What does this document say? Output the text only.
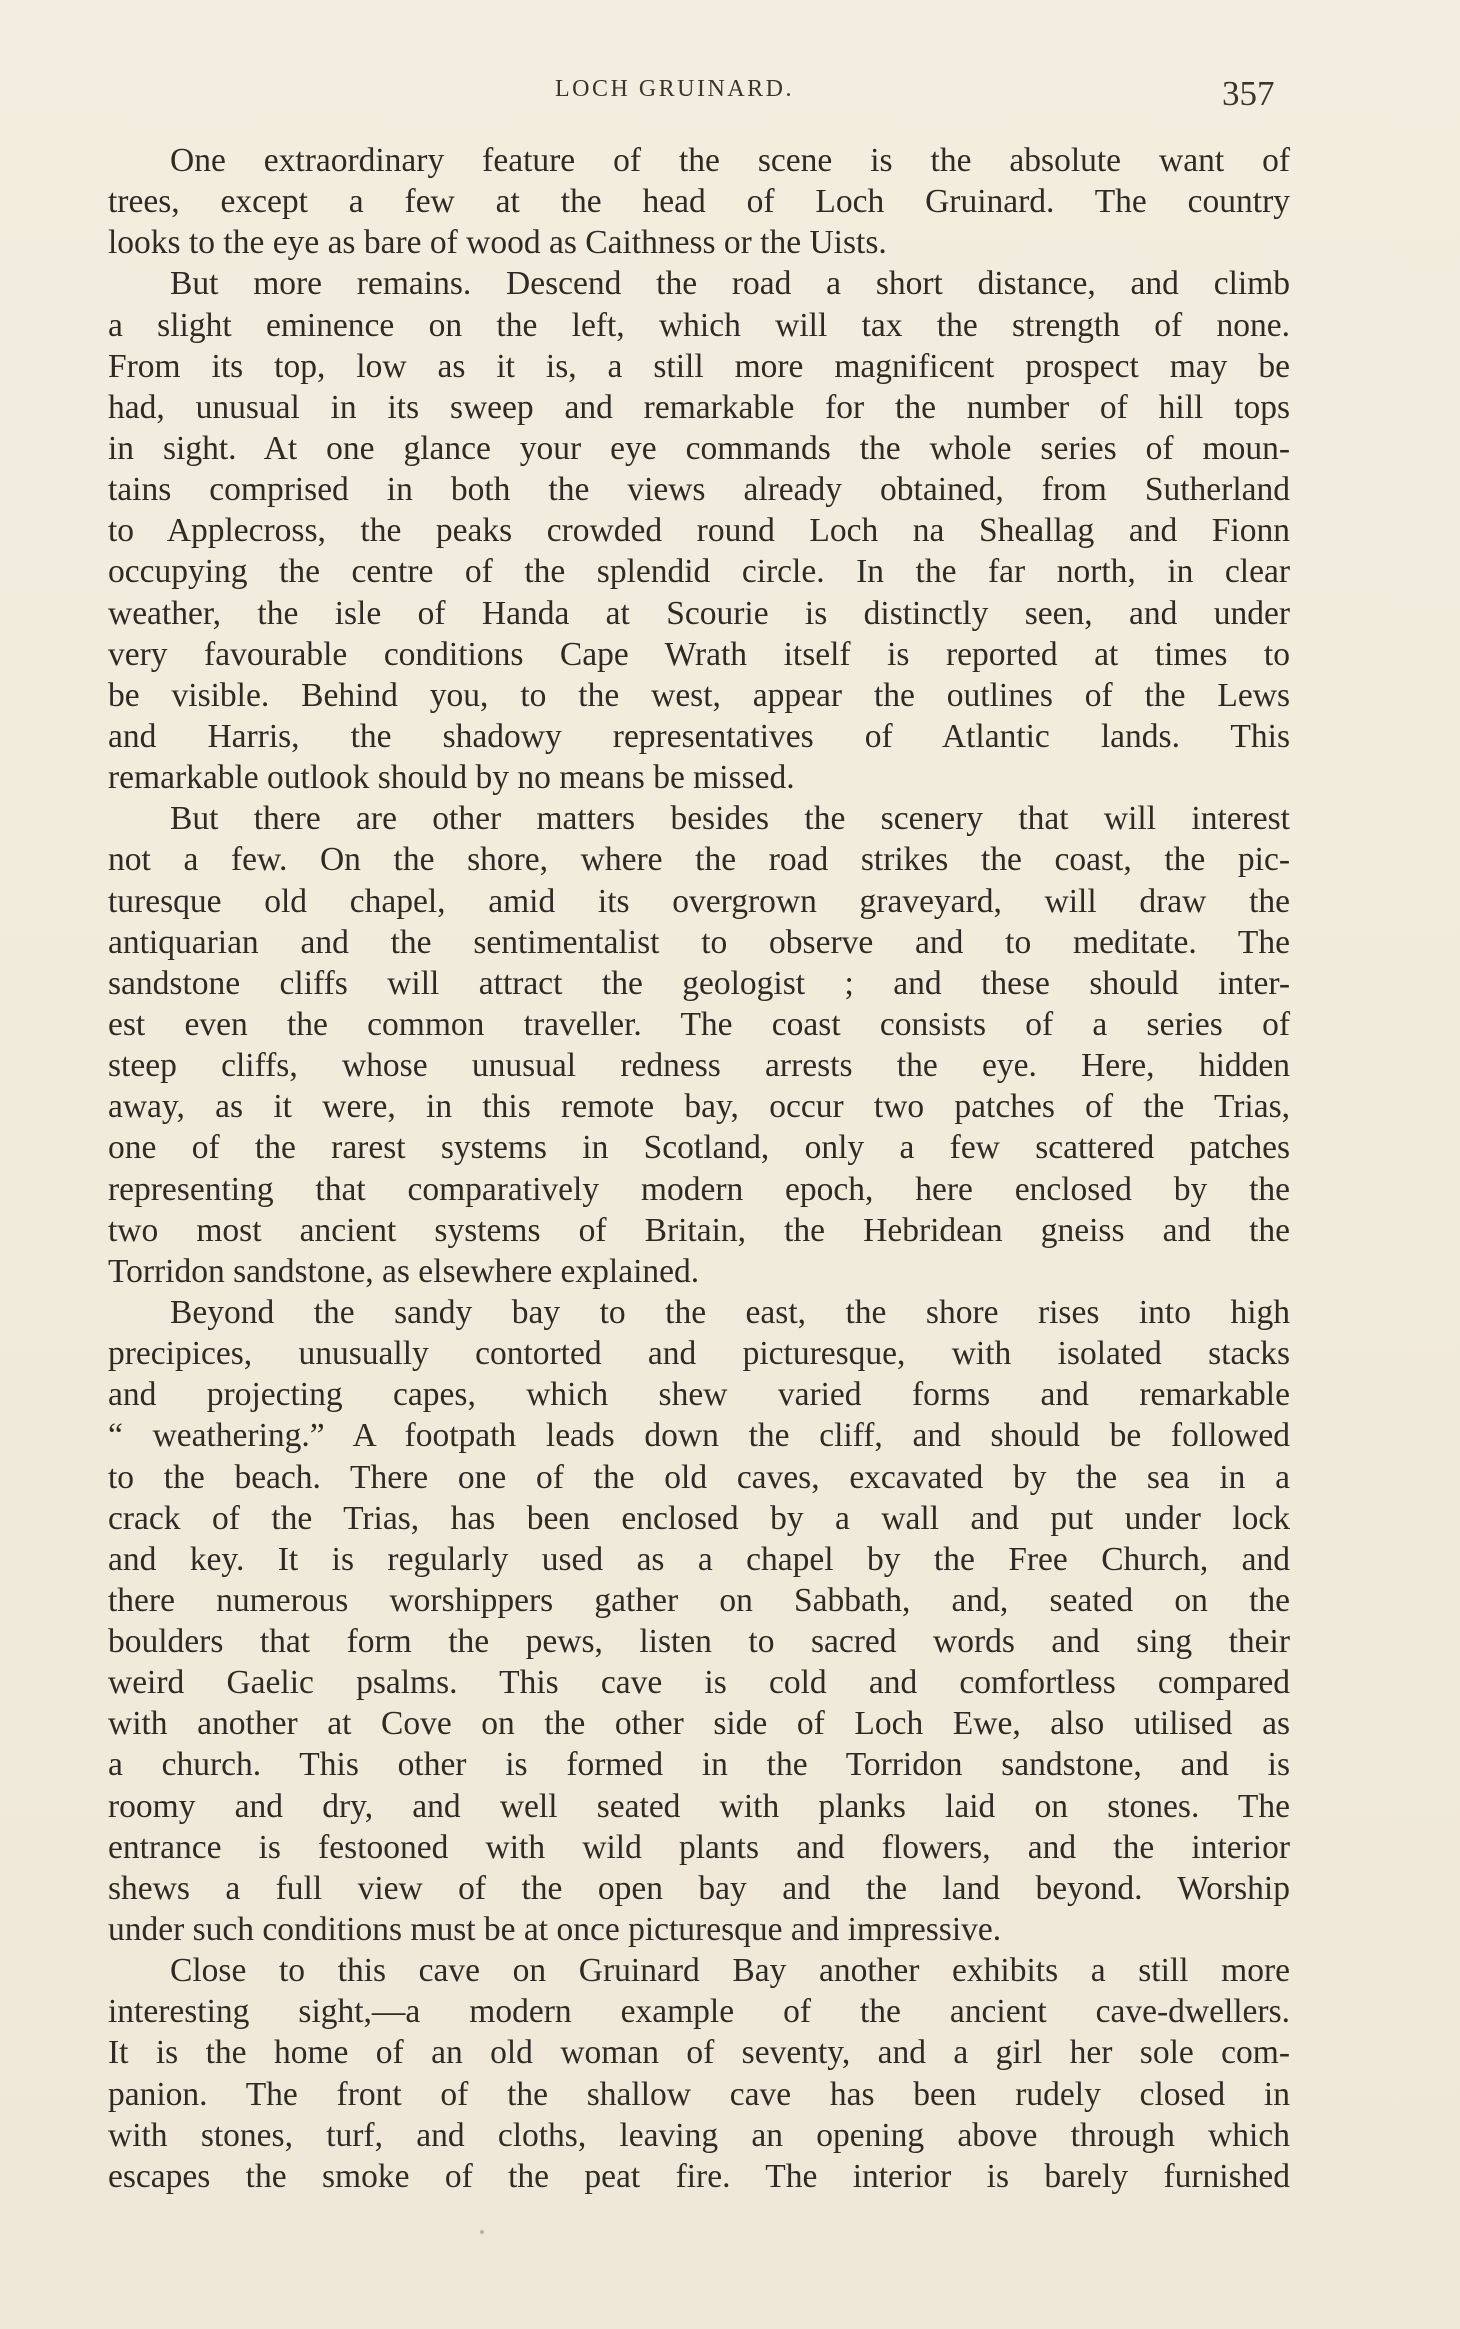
LOCH GRUINARD.	357
One extraordinary feature of the scene is the absolute want of
trees, except a few at the head of Loch Gruinard. The country
looks to the eye as bare of wood as Caithness or the Uists.
But more remains. Descend the road a short distance, and climb
a slight eminence on the left, which will tax the strength of none.
From its top, low as it is, a still more magnificent prospect may be
had, unusual in its sweep and remarkable for the number of hill tops
in sight. At one glance your eye commands the whole series of moun-
tains comprised in both the views already obtained, from Sutherland
to Applecross, the peaks crowded round Loch na Sheallag and Fionn
occupying the centre of the splendid circle. In the far north, in clear
weather, the isle of Handa at Scourie is distinctly seen, and under
very favourable conditions Cape Wrath itself is reported at times to
be visible. Behind you, to the west, appear the outlines of the Lews
and Harris, the shadowy representatives of Atlantic lands. This
remarkable outlook should by no means be missed.
But there are other matters besides the scenery that will interest
not a few. On the shore, where the road strikes the coast, the pic-
turesque old chapel, amid its overgrown graveyard, will draw the
antiquarian and the sentimentalist to observe and to meditate. The
sandstone cliffs will attract the geologist ; and these should inter-
est even the common traveller. The coast consists of a series of
steep cliffs, whose unusual redness arrests the eye. Here, hidden
away, as it were, in this remote bay, occur two patches of the Trias,
one of the rarest systems in Scotland, only a few scattered patches
representing that comparatively modern epoch, here enclosed by the
two most ancient systems of Britain, the Hebridean gneiss and the
Torridon sandstone, as elsewhere explained.
Beyond the sandy bay to the east, the shore rises into high
precipices, unusually contorted and picturesque, with isolated stacks
and projecting capes, which shew varied forms and remarkable
“ weathering.” A footpath leads down the cliff, and should be followed
to the beach. There one of the old caves, excavated by the sea in a
crack of the Trias, has been enclosed by a wall and put under lock
and key. It is regularly used as a chapel by the Free Church, and
there numerous worshippers gather on Sabbath, and, seated on the
boulders that form the pews, listen to sacred words and sing their
weird Gaelic psalms. This cave is cold and comfortless compared
with another at Cove on the other side of Loch Ewe, also utilised as
a church. This other is formed in the Torridon sandstone, and is
roomy and dry, and well seated with planks laid on stones. The
entrance is festooned with wild plants and flowers, and the interior
shews a full view of the open bay and the land beyond. Worship
under such conditions must be at once picturesque and impressive.
Close to this cave on Gruinard Bay another exhibits a still more
interesting sight,—a modern example of the ancient cave-dwellers.
It is the home of an old woman of seventy, and a girl her sole com-
panion. The front of the shallow cave has been rudely closed in
with stones, turf, and cloths, leaving an opening above through which
escapes the smoke of the peat fire. The interior is barely furnished
